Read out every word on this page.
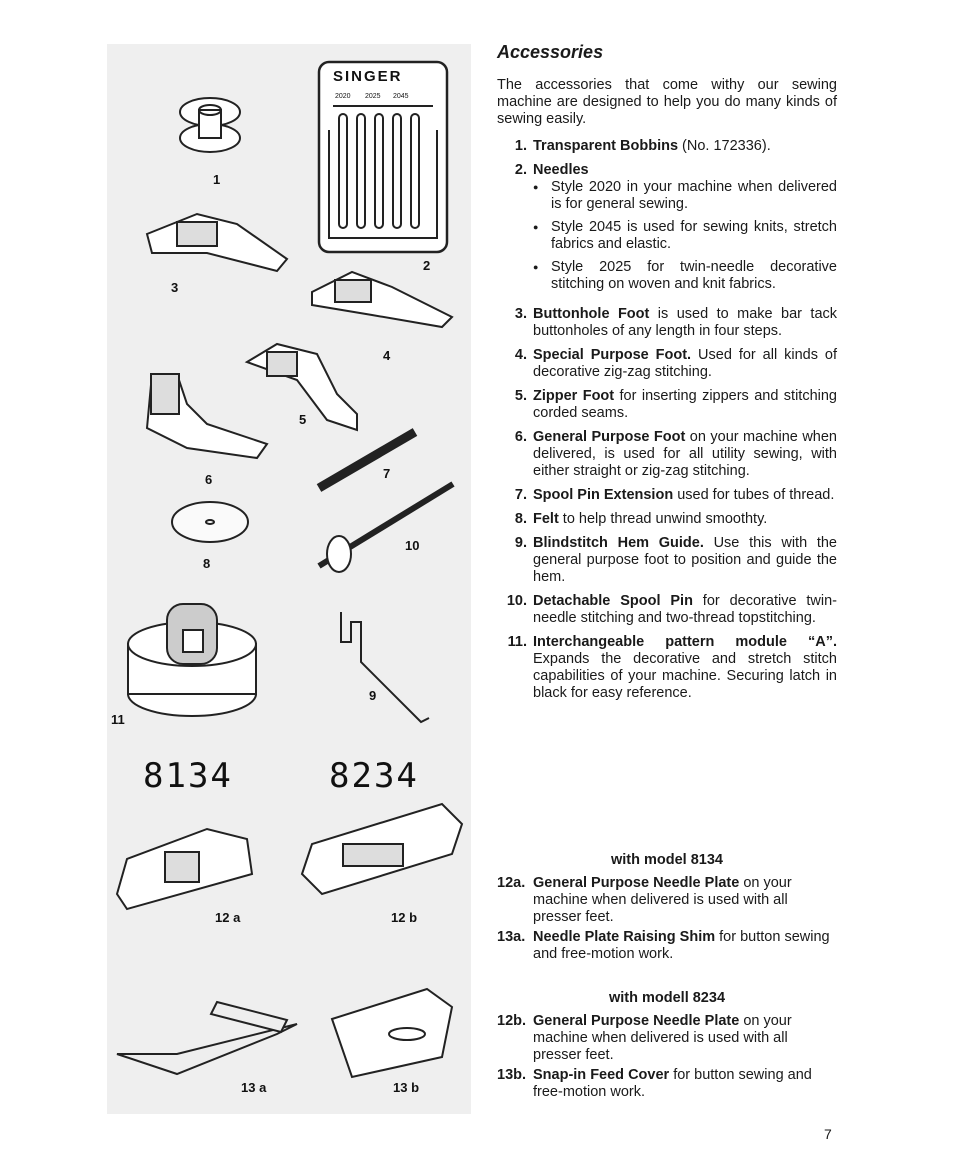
SINGER
2020 2025 2045
1
2
3
4
5
6	7
8
9
10
11
12 a	12 b
13 a	13 b
8134	8234
Accessories

The accessories that come withy our sewing machine are designed to help you do many kinds of sewing easily.

1. Transparent Bobbins (No. 172336).
2. Needles
●
Style 2020 in your machine when delivered is for general sewing.
●
Style 2045 is used for sewing knits, stretch fabrics and elastic.
●
Style 2025 for twin-needle decorative stitching on woven and knit fabrics.
3. Buttonhole Foot is used to make bar tack buttonholes of any length in four steps.
4. Special Purpose Foot. Used for all kinds of decorative zig-zag stitching.
5. Zipper Foot for inserting zippers and stitching corded seams.
6. General Purpose Foot on your machine when delivered, is used for all utility sewing, with either straight or zig-zag stitching.
7. Spool Pin Extension used for tubes of thread.
8. Felt to help thread unwind smoothty.
9. Blindstitch Hem Guide. Use this with the general purpose foot to position and guide the hem.
10. Detachable Spool Pin for decorative twin-needle stitching and two-thread topstitching.
11. Interchangeable pattern module “A”. Expands the decorative and stretch stitch capabilities of your machine. Securing latch in black for easy reference.
with model 8134
12a. General Purpose Needle Plate on your machine when delivered is used with all presser feet.
13a. Needle Plate Raising Shim for button sewing and free-motion work.
with modell 8234
12b. General Purpose Needle Plate on your machine when delivered is used with all presser feet.
13b. Snap-in Feed Cover for button sewing and free-motion work.
7
